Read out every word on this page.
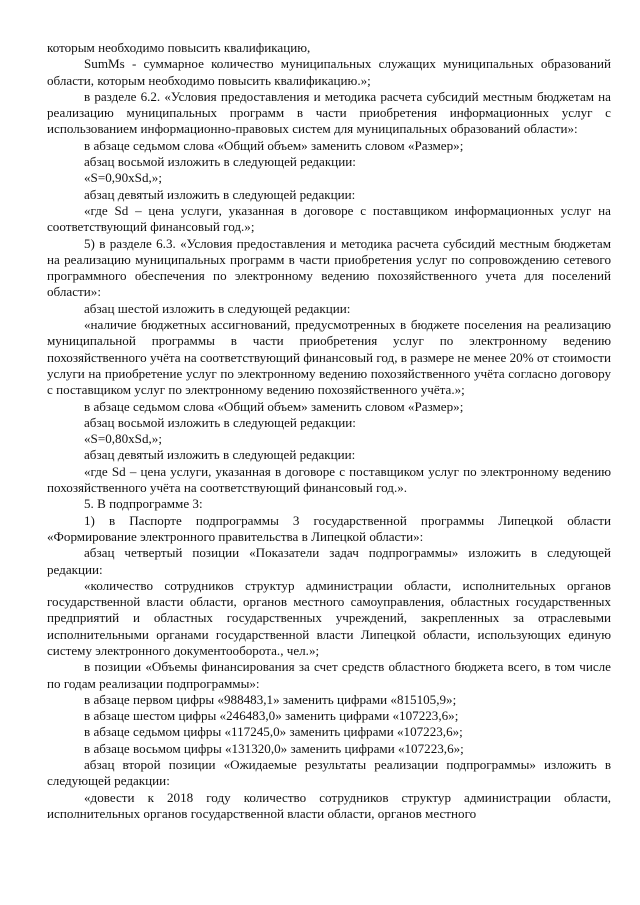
которым необходимо повысить квалификацию,

SumMs - суммарное количество муниципальных служащих муниципальных образований области, которым необходимо повысить квалификацию.»;

в разделе 6.2. «Условия предоставления и методика расчета субсидий местным бюджетам на реализацию муниципальных программ в части приобретения информационных услуг с использованием информационно-правовых систем для муниципальных образований области»:

в абзаце седьмом слова «Общий объем» заменить словом «Размер»;

абзац восьмой изложить в следующей редакции:

«S=0,90xSd,»;

абзац девятый изложить в следующей редакции:

«где Sd – цена услуги, указанная в договоре с поставщиком информационных услуг на соответствующий финансовый год.»;

5) в разделе 6.3. «Условия предоставления и методика расчета субсидий местным бюджетам на реализацию муниципальных программ в части приобретения услуг по сопровождению сетевого программного обеспечения по электронному ведению похозяйственного учета для поселений области»:

абзац шестой изложить в следующей редакции:

«наличие бюджетных ассигнований, предусмотренных в бюджете поселения на реализацию муниципальной программы в части приобретения услуг по электронному ведению похозяйственного учёта на соответствующий финансовый год, в размере не менее 20% от стоимости услуги на приобретение услуг по электронному ведению похозяйственного учёта согласно договору с поставщиком услуг по электронному ведению похозяйственного учёта.»;

в абзаце седьмом слова «Общий объем» заменить словом «Размер»;

абзац восьмой изложить в следующей редакции:

«S=0,80xSd,»;

абзац девятый изложить в следующей редакции:

«где Sd – цена услуги, указанная в договоре с поставщиком услуг по электронному ведению похозяйственного учёта на соответствующий финансовый год.».

5. В подпрограмме 3:

1) в Паспорте подпрограммы 3 государственной программы Липецкой области «Формирование электронного правительства в Липецкой области»:

абзац четвертый позиции «Показатели задач подпрограммы» изложить в следующей редакции:

«количество сотрудников структур администрации области, исполнительных органов государственной власти области, органов местного самоуправления, областных государственных предприятий и областных государственных учреждений, закрепленных за отраслевыми исполнительными органами государственной власти Липецкой области, использующих единую систему электронного документооборота., чел.»;

в позиции «Объемы финансирования за счет средств областного бюджета всего, в том числе по годам реализации подпрограммы»:

в абзаце первом цифры «988483,1» заменить цифрами «815105,9»;

в абзаце шестом цифры «246483,0» заменить цифрами «107223,6»;

в абзаце седьмом цифры «117245,0» заменить цифрами «107223,6»;

в абзаце восьмом цифры «131320,0» заменить цифрами «107223,6»;

абзац второй позиции «Ожидаемые результаты реализации подпрограммы» изложить в следующей редакции:

«довести к 2018 году количество сотрудников структур администрации области, исполнительных органов государственной власти области, органов местного
